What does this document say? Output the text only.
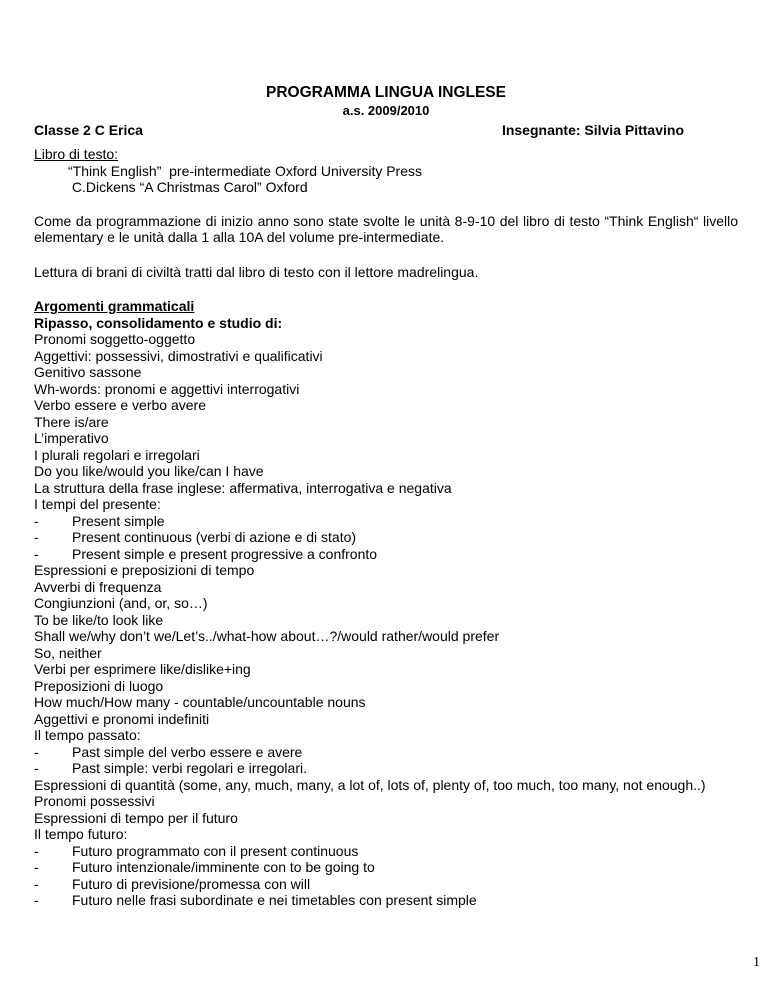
PROGRAMMA LINGUA INGLESE
a.s. 2009/2010
Classe 2 C Erica	Insegnante: Silvia Pittavino
Libro di testo:
“Think English”  pre-intermediate Oxford University Press
C.Dickens “A Christmas Carol” Oxford
Come da programmazione di inizio anno sono state svolte le unità 8-9-10 del libro di testo “Think English“ livello elementary e le unità dalla 1 alla 10A del volume pre-intermediate.
Lettura di brani di civiltà tratti dal libro di testo con il lettore madrelingua.
Argomenti grammaticali
Ripasso, consolidamento e studio di:
Pronomi soggetto-oggetto
Aggettivi: possessivi, dimostrativi e qualificativi
Genitivo sassone
Wh-words: pronomi e aggettivi interrogativi
Verbo essere e verbo avere
There is/are
L’imperativo
I plurali regolari e irregolari
Do you like/would you like/can I have
La struttura della frase inglese: affermativa, interrogativa e negativa
I tempi del presente:
-	Present simple
-	Present continuous (verbi di azione e di stato)
-	Present simple e present progressive a confronto
Espressioni e preposizioni di tempo
Avverbi di frequenza
Congiunzioni (and, or, so…)
To be like/to look like
Shall we/why don’t we/Let’s../what-how about…?/would rather/would prefer
So, neither
Verbi per esprimere like/dislike+ing
Preposizioni di luogo
How much/How many - countable/uncountable nouns
Aggettivi e pronomi indefiniti
Il tempo passato:
-	Past simple del verbo essere e avere
-	Past simple: verbi regolari e irregolari.
Espressioni di quantità (some, any, much, many, a lot of, lots of, plenty of, too much, too many, not enough..)
Pronomi possessivi
Espressioni di tempo per il futuro
Il tempo futuro:
-	Futuro programmato con il present continuous
-	Futuro intenzionale/imminente con to be going to
-	Futuro di previsione/promessa con will
-	Futuro nelle frasi subordinate e nei timetables con present simple
1
